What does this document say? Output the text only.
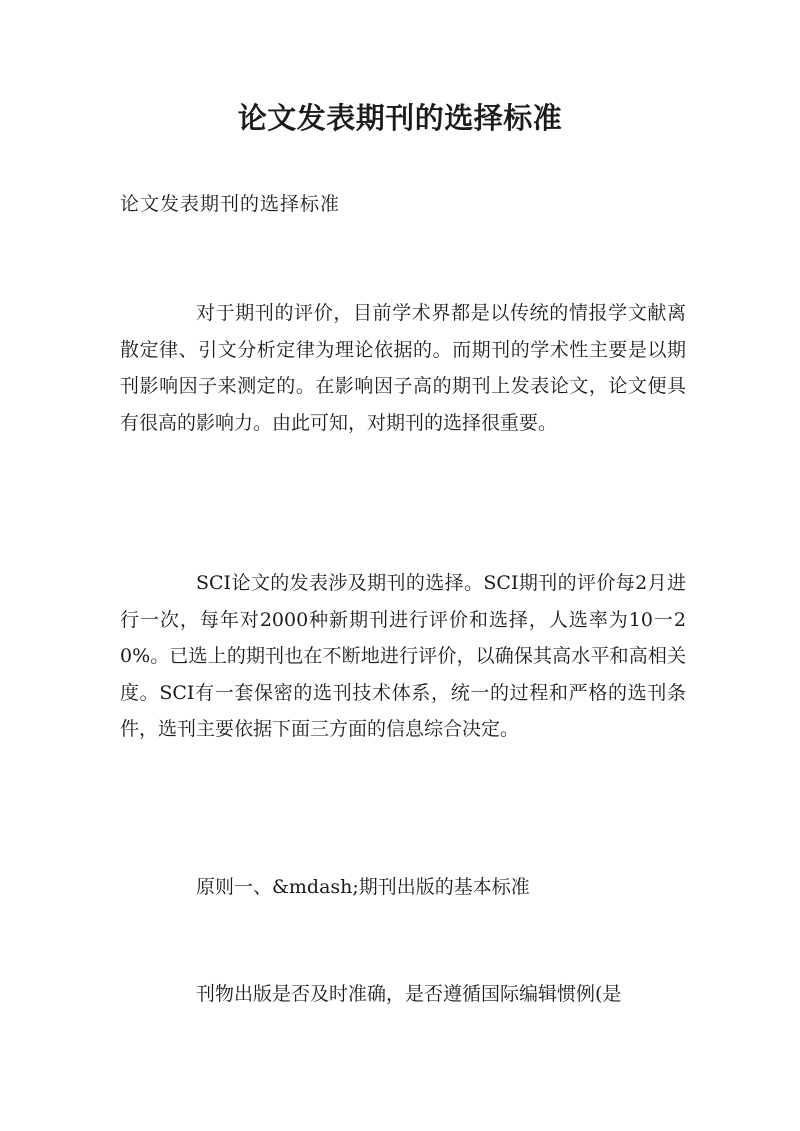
论文发表期刊的选择标准

论文发表期刊的选择标准

对于期刊的评价，目前学术界都是以传统的情报学文献离散定律、引文分析定律为理论依据的。而期刊的学术性主要是以期刊影响因子来测定的。在影响因子高的期刊上发表论文，论文便具有很高的影响力。由此可知，对期刊的选择很重要。

SCI论文的发表涉及期刊的选择。SCI期刊的评价每2月进行一次，每年对2000种新期刊进行评价和选择，人选率为10一20%。已选上的期刊也在不断地进行评价，以确保其高水平和高相关度。SCI有一套保密的选刊技术体系，统一的过程和严格的选刊条件，选刊主要依据下面三方面的信息综合决定。

原则一、&mdash;期刊出版的基本标准

刊物出版是否及时准确，是否遵循国际编辑惯例(是
